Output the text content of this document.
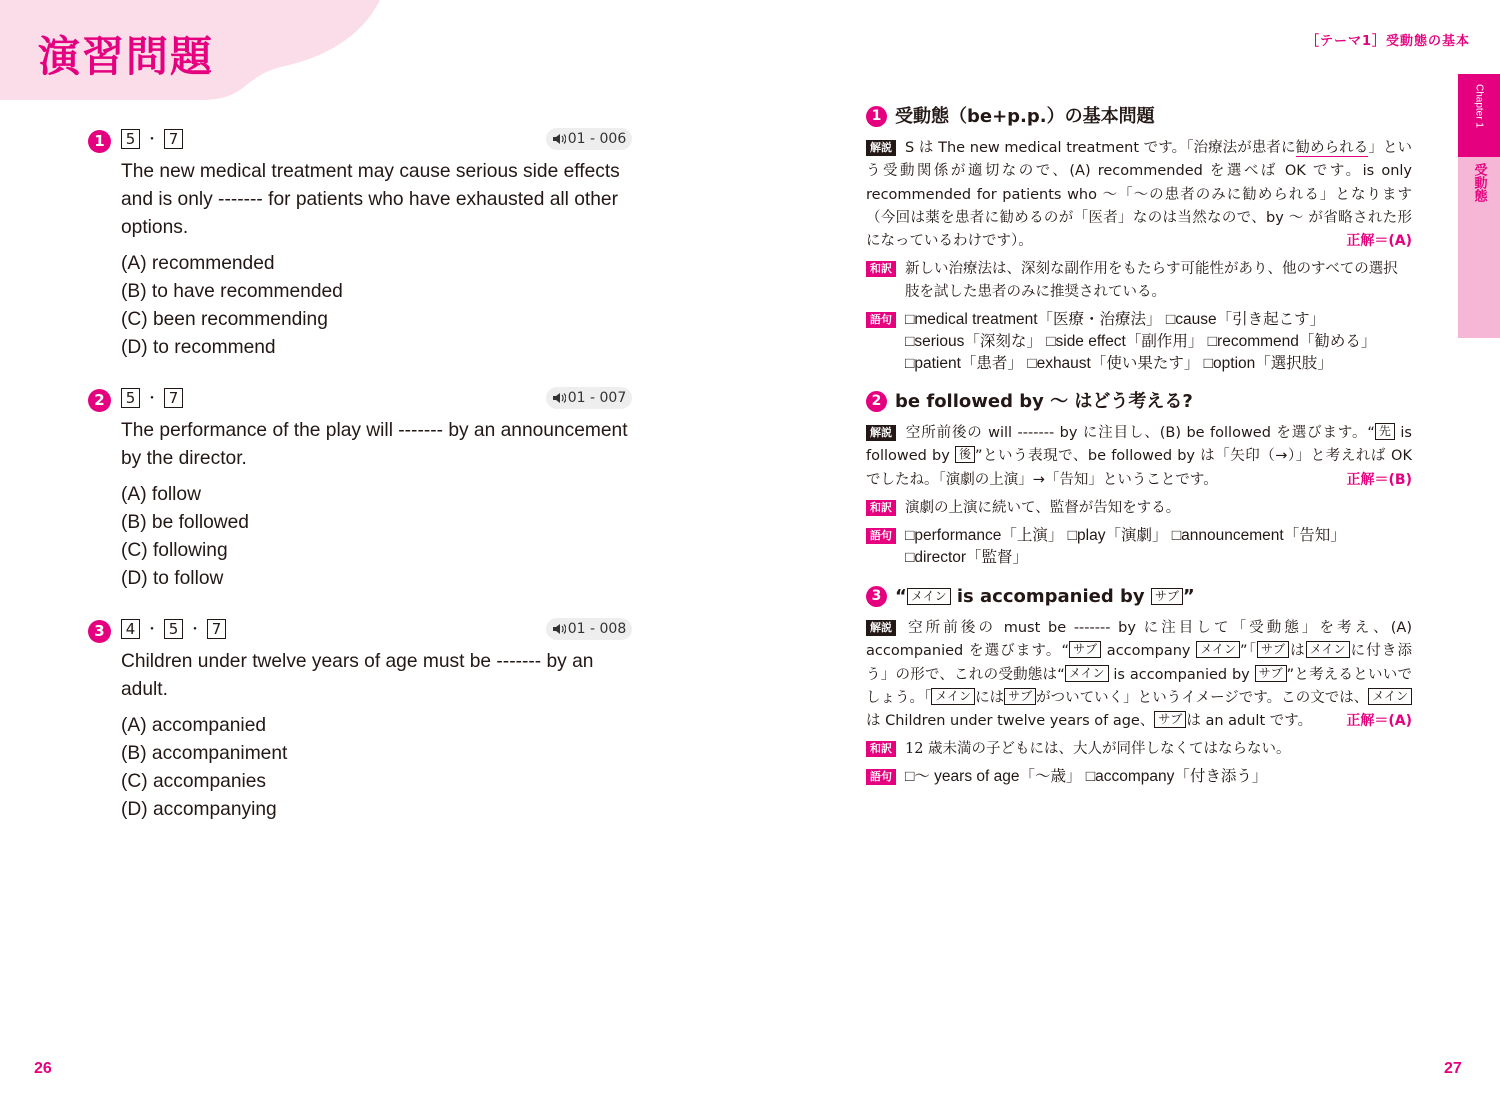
演習問題
1	5 ・ 7	01 - 006
The new medical treatment may cause serious side effects and is only ------- for patients who have exhausted all other options.
(A) recommended
(B) to have recommended
(C) been recommending
(D) to recommend
2	5 ・ 7	01 - 007
The performance of the play will ------- by an announcement by the director.
(A) follow
(B) be followed
(C) following
(D) to follow
3	4 ・ 5 ・ 7	01 - 008
Children under twelve years of age must be ------- by an adult.
(A) accompanied
(B) accompaniment
(C) accompanies
(D) accompanying
26
［テーマ1］受動態の基本
Chapter 1
受動態
1 受動態（be+p.p.）の基本問題
解説 S は The new medical treatment です。「治療法が患者に勧められる」という受動関係が適切なので、(A) recommended を選べば OK です。is only recommended for patients who ～「～の患者のみに勧められる」となります（今回は薬を患者に勧めるのが「医者」なのは当然なので、by ～ が省略された形になっているわけです）。	正解＝(A)
和訳 新しい治療法は、深刻な副作用をもたらす可能性があり、他のすべての選択肢を試した患者のみに推奨されている。
語句 □medical treatment「医療・治療法」 □cause「引き起こす」
□serious「深刻な」 □side effect「副作用」 □recommend「勧める」
□patient「患者」 □exhaust「使い果たす」 □option「選択肢」
2 be followed by ～ はどう考える?
解説 空所前後の will ------- by に注目し、(B) be followed を選びます。“ 先 is followed by 後 ”という表現で、be followed by は「矢印（→）」と考えれば OK でしたね。「演劇の上演」→「告知」ということです。	正解＝(B)
和訳 演劇の上演に続いて、監督が告知をする。
語句 □performance「上演」 □play「演劇」 □announcement「告知」
□director「監督」
3 “ メイン is accompanied by サブ ”
解説 空所前後の must be ------- by に注目して「受動態」を考え、(A) accompanied を選びます。“ サブ accompany メイン ”「 サブ は メイン に付き添う」の形で、これの受動態は“ メイン is accompanied by サブ ”と考えるといいでしょう。「 メイン には サブ がついていく」というイメージです。この文では、 メインは Children under twelve years of age、 サブ は an adult です。	正解＝(A)
和訳 12 歳未満の子どもには、大人が同伴しなくてはならない。
語句 □～ years of age「～歳」 □accompany「付き添う」
27
